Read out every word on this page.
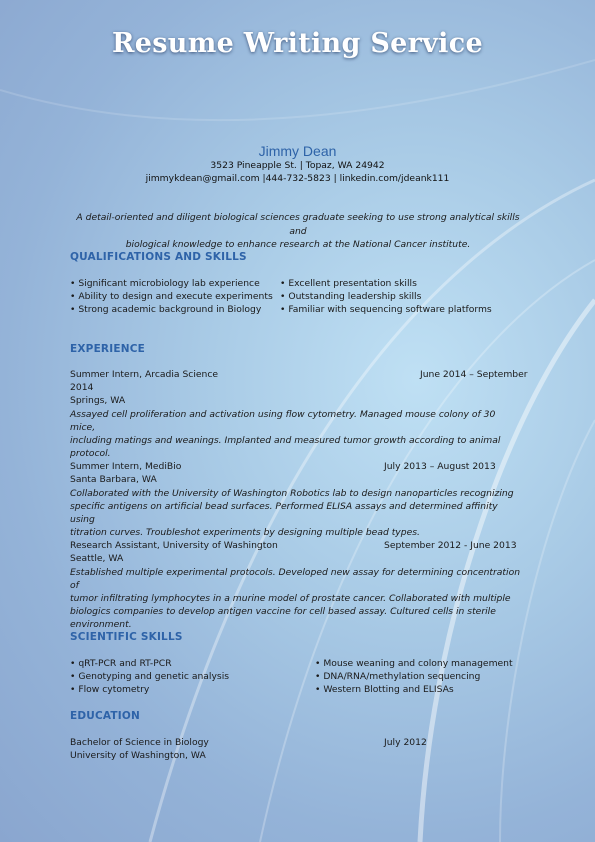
Resume Writing Service
Jimmy Dean
3523 Pineapple St. | Topaz, WA 24942
jimmykdean@gmail.com |444-732-5823 | linkedin.com/jdeank111
A detail-oriented and diligent biological sciences graduate seeking to use strong analytical skills and
biological knowledge to enhance research at the National Cancer institute.
QUALIFICATIONS AND SKILLS
• Significant microbiology lab experience
• Ability to design and execute experiments
• Strong academic background in Biology
• Excellent presentation skills
• Outstanding leadership skills
• Familiar with sequencing software platforms
EXPERIENCE
Summer Intern, Arcadia Science	June 2014 – September
2014
Springs, WA
Assayed cell proliferation and activation using flow cytometry. Managed mouse colony of 30 mice,
including matings and weanings. Implanted and measured tumor growth according to animal
protocol.
Summer Intern, MediBio	July 2013 – August 2013
Santa Barbara, WA
Collaborated with the University of Washington Robotics lab to design nanoparticles recognizing
specific antigens on artificial bead surfaces. Performed ELISA assays and determined affinity using
titration curves. Troubleshot experiments by designing multiple bead types.
Research Assistant, University of Washington	September 2012 - June 2013
Seattle, WA
Established multiple experimental protocols. Developed new assay for determining concentration of
tumor infiltrating lymphocytes in a murine model of prostate cancer. Collaborated with multiple
biologics companies to develop antigen vaccine for cell based assay. Cultured cells in sterile
environment.
SCIENTIFIC SKILLS
• qRT-PCR and RT-PCR
• Genotyping and genetic analysis
• Flow cytometry
• Mouse weaning and colony management
• DNA/RNA/methylation sequencing
• Western Blotting and ELISAs
EDUCATION
Bachelor of Science in Biology	July 2012
University of Washington, WA
